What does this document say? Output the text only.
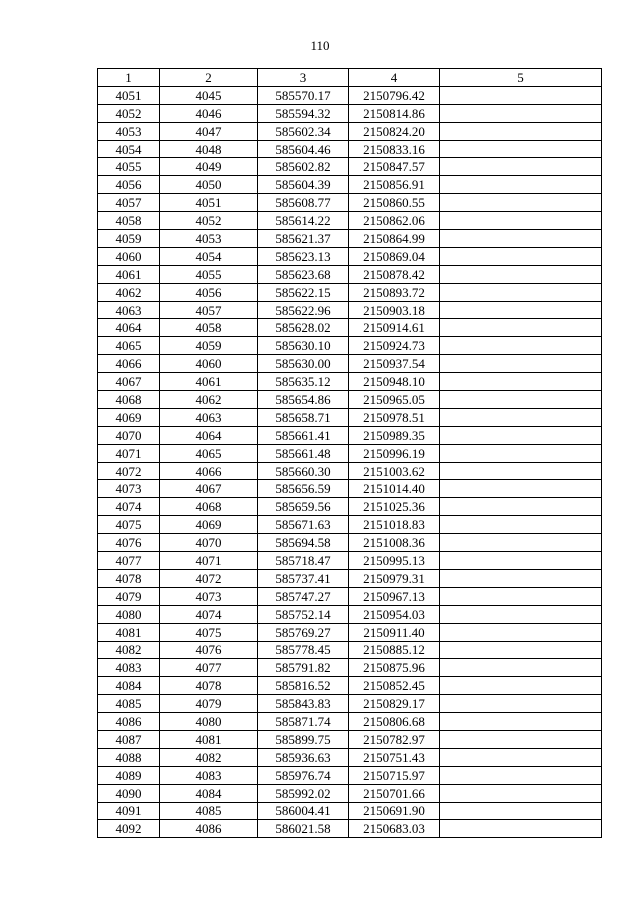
110
1	2	3	4	5
4051	4045	585570.17	2150796.42	
4052	4046	585594.32	2150814.86	
4053	4047	585602.34	2150824.20	
4054	4048	585604.46	2150833.16	
4055	4049	585602.82	2150847.57	
4056	4050	585604.39	2150856.91	
4057	4051	585608.77	2150860.55	
4058	4052	585614.22	2150862.06	
4059	4053	585621.37	2150864.99	
4060	4054	585623.13	2150869.04	
4061	4055	585623.68	2150878.42	
4062	4056	585622.15	2150893.72	
4063	4057	585622.96	2150903.18	
4064	4058	585628.02	2150914.61	
4065	4059	585630.10	2150924.73	
4066	4060	585630.00	2150937.54	
4067	4061	585635.12	2150948.10	
4068	4062	585654.86	2150965.05	
4069	4063	585658.71	2150978.51	
4070	4064	585661.41	2150989.35	
4071	4065	585661.48	2150996.19	
4072	4066	585660.30	2151003.62	
4073	4067	585656.59	2151014.40	
4074	4068	585659.56	2151025.36	
4075	4069	585671.63	2151018.83	
4076	4070	585694.58	2151008.36	
4077	4071	585718.47	2150995.13	
4078	4072	585737.41	2150979.31	
4079	4073	585747.27	2150967.13	
4080	4074	585752.14	2150954.03	
4081	4075	585769.27	2150911.40	
4082	4076	585778.45	2150885.12	
4083	4077	585791.82	2150875.96	
4084	4078	585816.52	2150852.45	
4085	4079	585843.83	2150829.17	
4086	4080	585871.74	2150806.68	
4087	4081	585899.75	2150782.97	
4088	4082	585936.63	2150751.43	
4089	4083	585976.74	2150715.97	
4090	4084	585992.02	2150701.66	
4091	4085	586004.41	2150691.90	
4092	4086	586021.58	2150683.03	
